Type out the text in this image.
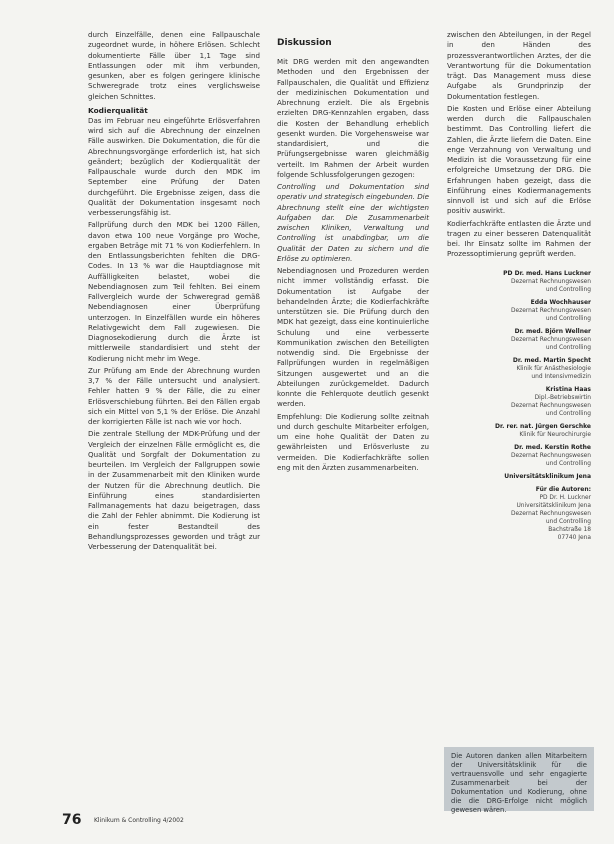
durch Einzelfälle, denen eine Fallpauschale zugeordnet wurde, in höhere Erlösen. Schlecht dokumentierte Fälle über 1,1 Tage sind Entlassungen oder mit ihm verbunden, gesunken, aber es folgen geringere klinische Schweregrade trotz eines verglichsweise gleichen Schnittes.

Kodierqualität

Das im Februar neu eingeführte Erlösverfahren wird sich auf die Abrechnung der einzelnen Fälle auswirken. Die Dokumentation, die für die Abrechnungsvorgänge erforderlich ist, hat sich geändert; bezüglich der Kodierqualität der Fallpauschale wurde durch den MDK im September eine Prüfung der Daten durchgeführt. Die Ergebnisse zeigen, dass die Qualität der Dokumentation insgesamt noch verbesserungsfähig ist.

Fallprüfung durch den MDK bei 1200 Fällen, davon etwa 100 neue Vorgänge pro Woche, ergaben Beträge mit 71 % von Kodierfehlern. In den Entlassungsberichten fehlten die DRG-Codes. In 13 % war die Hauptdiagnose mit Auffälligkeiten belastet, wobei die Nebendiagnosen zum Teil fehlten. Bei einem Fallvergleich wurde der Schweregrad gemäß Nebendiagnosen einer Überprüfung unterzogen. In Einzelfällen wurde ein höheres Relativgewicht dem Fall zugewiesen. Die Diagnosekodierung durch die Ärzte ist mittlerweile standardisiert und steht der Kodierung nicht mehr im Wege.

Zur Prüfung am Ende der Abrechnung wurden 3,7 % der Fälle untersucht und analysiert. Fehler hatten 9 % der Fälle, die zu einer Erlösverschiebung führten. Bei den Fällen ergab sich ein Mittel von 5,1 % der Erlöse. Die Anzahl der korrigierten Fälle ist nach wie vor hoch.

Die zentrale Stellung der MDK-Prüfung und der Vergleich der einzelnen Fälle ermöglicht es, die Qualität und Sorgfalt der Dokumentation zu beurteilen. Im Vergleich der Fallgruppen sowie in der Zusammenarbeit mit den Kliniken wurde der Nutzen für die Abrechnung deutlich. Die Einführung eines standardisierten Fallmanagements hat dazu beigetragen, dass die Zahl der Fehler abnimmt. Die Kodierung ist ein fester Bestandteil des Behandlungsprozesses geworden und trägt zur Verbesserung der Datenqualität bei.

Diskussion

Mit DRG werden mit den angewandten Methoden und den Ergebnissen der Fallpauschalen, die Qualität und Effizienz der medizinischen Dokumentation und Abrechnung erzielt. Die als Ergebnis erzielten DRG-Kennzahlen ergaben, dass die Kosten der Behandlung erheblich gesenkt wurden. Die Vorgehensweise war standardisiert, und die Prüfungsergebnisse waren gleichmäßig verteilt. Im Rahmen der Arbeit wurden folgende Schlussfolgerungen gezogen:

Controlling und Dokumentation sind operativ und strategisch eingebunden. Die Abrechnung stellt eine der wichtigsten Aufgaben dar. Die Zusammenarbeit zwischen Kliniken, Verwaltung und Controlling ist unabdingbar, um die Qualität der Daten zu sichern und die Erlöse zu optimieren.

Nebendiagnosen und Prozeduren werden nicht immer vollständig erfasst. Die Dokumentation ist Aufgabe der behandelnden Ärzte; die Kodierfachkräfte unterstützen sie. Die Prüfung durch den MDK hat gezeigt, dass eine kontinuierliche Schulung und eine verbesserte Kommunikation zwischen den Beteiligten notwendig sind. Die Ergebnisse der Fallprüfungen wurden in regelmäßigen Sitzungen ausgewertet und an die Abteilungen zurückgemeldet. Dadurch konnte die Fehlerquote deutlich gesenkt werden.

Empfehlung: Die Kodierung sollte zeitnah und durch geschulte Mitarbeiter erfolgen, um eine hohe Qualität der Daten zu gewährleisten und Erlösverluste zu vermeiden. Die Kodierfachkräfte sollen eng mit den Ärzten zusammenarbeiten.

zwischen den Abteilungen, in der Regel in den Händen des prozessverantwortlichen Arztes, der die Verantwortung für die Dokumentation trägt. Das Management muss diese Aufgabe als Grundprinzip der Dokumentation festlegen.

Die Kosten und Erlöse einer Abteilung werden durch die Fallpauschalen bestimmt. Das Controlling liefert die Zahlen, die Ärzte liefern die Daten. Eine enge Verzahnung von Verwaltung und Medizin ist die Voraussetzung für eine erfolgreiche Umsetzung der DRG. Die Erfahrungen haben gezeigt, dass die Einführung eines Kodiermanagements sinnvoll ist und sich auf die Erlöse positiv auswirkt.

Kodierfachkräfte entlasten die Ärzte und tragen zu einer besseren Datenqualität bei. Ihr Einsatz sollte im Rahmen der Prozessoptimierung geprüft werden.

PD Dr. med. Hans Luckner
Dezernat Rechnungswesen
und Controlling
Edda Wochhauser
Dezernat Rechnungswesen
und Controlling
Dr. med. Björn Wellner
Dezernat Rechnungswesen
und Controlling
Dr. med. Martin Specht
Klinik für Anästhesiologie
und Intensivmedizin
Kristina Haas
Dipl.-Betriebswirtin
Dezernat Rechnungswesen
und Controlling
Dr. rer. nat. Jürgen Gerschke
Klinik für Neurochirurgie
Dr. med. Kerstin Rothe
Dezernat Rechnungswesen
und Controlling
Universitätsklinikum Jena
Für die Autoren:
PD Dr. H. Luckner
Universitätsklinikum Jena
Dezernat Rechnungswesen
und Controlling
Bachstraße 18
07740 Jena

Die Autoren danken allen Mitarbeitern der Universitätsklinik für die vertrauensvolle und sehr engagierte Zusammenarbeit bei der Dokumentation und Kodierung, ohne die die DRG-Erfolge nicht möglich gewesen wären.

76 Klinikum & Controlling 4/2002
